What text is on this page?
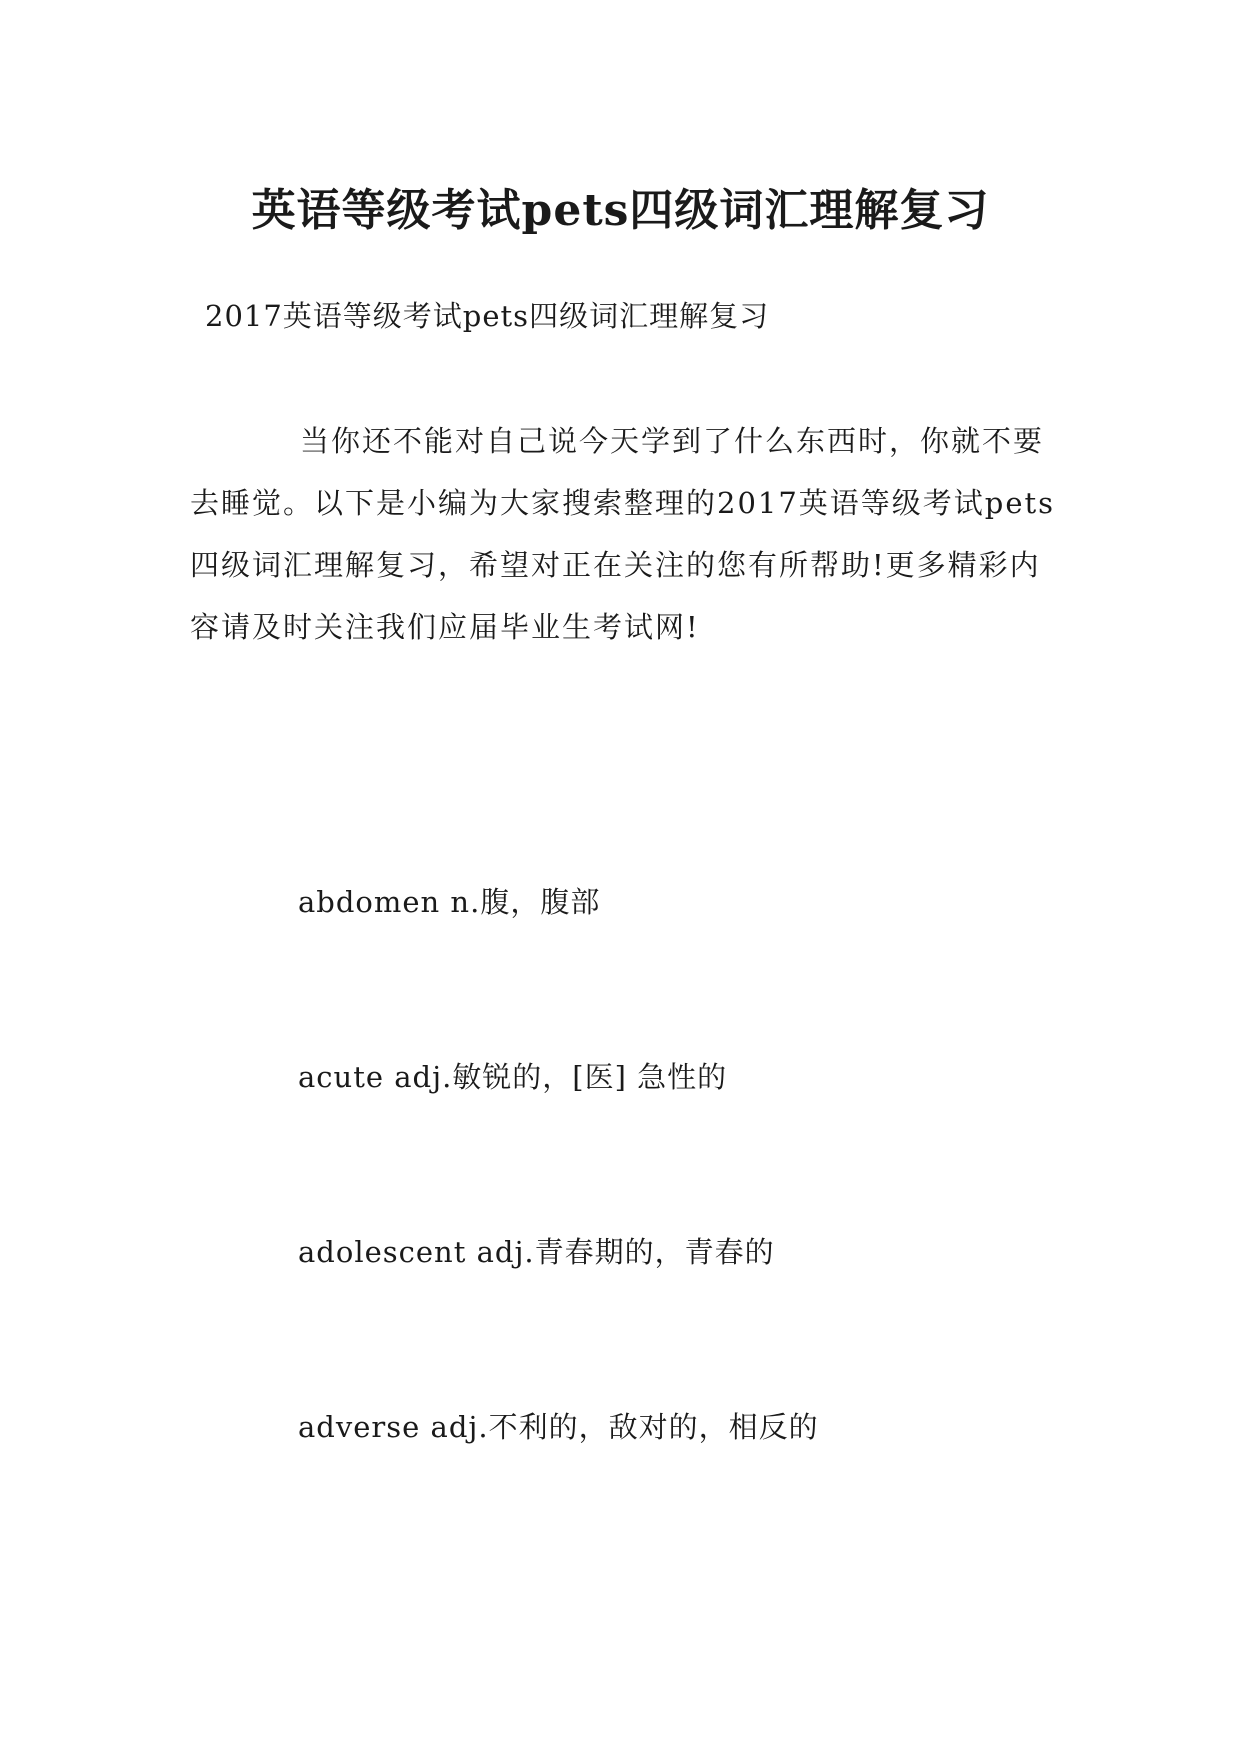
英语等级考试pets四级词汇理解复习
2017英语等级考试pets四级词汇理解复习

当你还不能对自己说今天学到了什么东西时，你就不要去睡觉。以下是小编为大家搜索整理的2017英语等级考试pets四级词汇理解复习，希望对正在关注的您有所帮助!更多精彩内容请及时关注我们应届毕业生考试网!

abdomen n.腹，腹部
acute adj.敏锐的，[医] 急性的
adolescent adj.青春期的，青春的
adverse adj.不利的，敌对的，相反的
